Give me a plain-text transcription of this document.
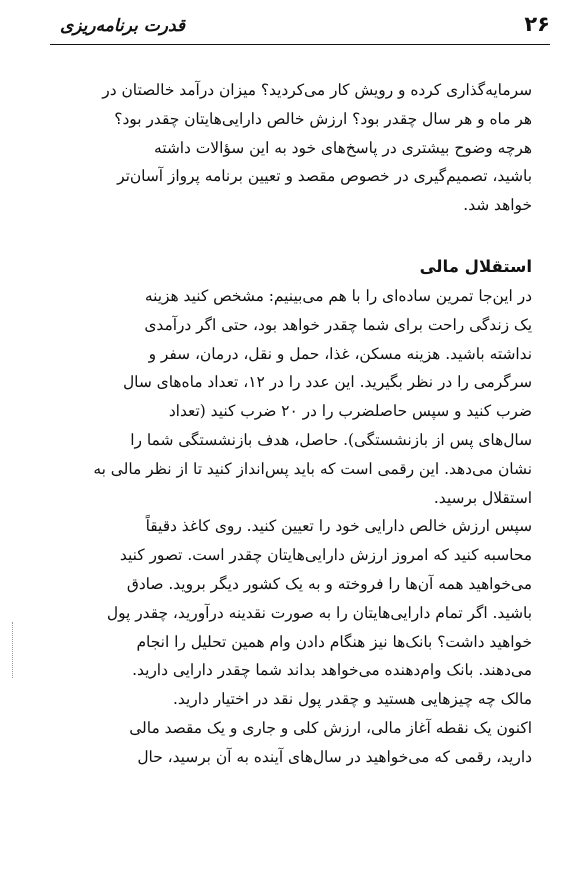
قدرت برنامه‌ریزی	۲۶
سرمایه‌گذاری کرده و رویش کار می‌کردید؟ میزان درآمد خالصتان در
هر ماه و هر سال چقدر بود؟ ارزش خالص دارایی‌هایتان چقدر بود؟
هرچه وضوح بیشتری در پاسخ‌های خود به این سؤالات داشته
باشید، تصمیم‌گیری در خصوص مقصد و تعیین برنامه پرواز آسان‌تر
خواهد شد.
استقلال مالی
در این‌جا تمرین ساده‌ای را با هم می‌بینیم: مشخص کنید هزینه
یک زندگی راحت برای شما چقدر خواهد بود، حتی اگر درآمدی
نداشته باشید. هزینه مسکن، غذا، حمل و نقل، درمان، سفر و
سرگرمی را در نظر بگیرید. این عدد را در ۱۲، تعداد ماه‌های سال
ضرب کنید و سپس حاصلضرب را در ۲۰ ضرب کنید (تعداد
سال‌های پس از بازنشستگی). حاصل، هدف بازنشستگی شما را
نشان می‌دهد. این رقمی است که باید پس‌انداز کنید تا از نظر مالی به
استقلال برسید.
سپس ارزش خالص دارایی خود را تعیین کنید. روی کاغذ دقیقاً
محاسبه کنید که امروز ارزش دارایی‌هایتان چقدر است. تصور کنید
می‌خواهید همه آن‌ها را فروخته و به یک کشور دیگر بروید. صادق
باشید. اگر تمام دارایی‌هایتان را به صورت نقدینه درآورید، چقدر پول
خواهید داشت؟ بانک‌ها نیز هنگام دادن وام همین تحلیل را انجام
می‌دهند. بانک وام‌دهنده می‌خواهد بداند شما چقدر دارایی دارید.
مالک چه چیزهایی هستید و چقدر پول نقد در اختیار دارید.
اکنون یک نقطه آغاز مالی، ارزش کلی و جاری و یک مقصد مالی
دارید، رقمی که می‌خواهید در سال‌های آینده به آن برسید، حال
